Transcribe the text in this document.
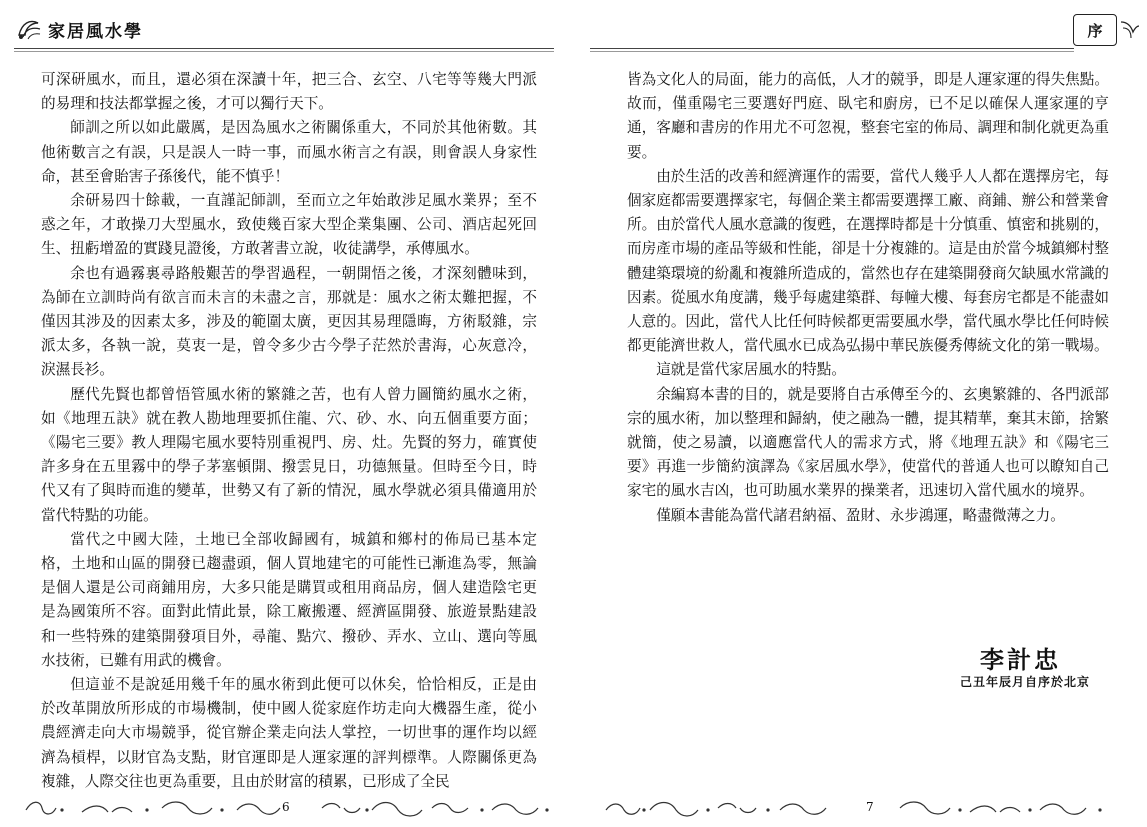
家居風水學	序

可深研風水，而且，還必須在深讀十年，把三合、玄空、八宅等等幾大門派的易理和技法都掌握之後，才可以獨行天下。

師訓之所以如此嚴厲，是因為風水之術關係重大，不同於其他術數。其他術數言之有誤，只是誤人一時一事，而風水術言之有誤，則會誤人身家性命，甚至會貽害子孫後代，能不慎乎！

余研易四十餘載，一直謹記師訓，至而立之年始敢涉足風水業界；至不惑之年，才敢操刀大型風水，致使幾百家大型企業集團、公司、酒店起死回生、扭虧增盈的實踐見證後，方敢著書立說，收徒講學，承傳風水。

余也有過霧裏尋路般艱苦的學習過程，一朝開悟之後，才深刻體味到，為師在立訓時尚有欲言而未言的未盡之言，那就是：風水之術太難把握，不僅因其涉及的因素太多，涉及的範圍太廣，更因其易理隱晦，方術駁雜，宗派太多，各執一說，莫衷一是，曾令多少古今學子茫然於書海，心灰意冷，淚濕長衫。

歷代先賢也都曾悟管風水術的繁雜之苦，也有人曾力圖簡約風水之術，如《地理五訣》就在教人勘地理要抓住龍、穴、砂、水、向五個重要方面；《陽宅三要》教人理陽宅風水要特別重視門、房、灶。先賢的努力，確實使許多身在五里霧中的學子茅塞頓開、撥雲見日，功德無量。但時至今日，時代又有了與時而進的變革，世勢又有了新的情況，風水學就必須具備適用於當代特點的功能。

當代之中國大陸，土地已全部收歸國有，城鎮和鄉村的佈局已基本定格，土地和山區的開發已趨盡頭，個人買地建宅的可能性已漸進為零，無論是個人還是公司商鋪用房，大多只能是購買或租用商品房，個人建造陰宅更是為國策所不容。面對此情此景，除工廠搬遷、經濟區開發、旅遊景點建設和一些特殊的建築開發項目外，尋龍、點穴、撥砂、弄水、立山、選向等風水技術，已難有用武的機會。

但這並不是說延用幾千年的風水術到此便可以休矣，恰恰相反，正是由於改革開放所形成的市場機制，使中國人從家庭作坊走向大機器生產，從小農經濟走向大市場競爭，從官辦企業走向法人掌控，一切世事的運作均以經濟為槓桿，以財官為支點，財官運即是人運家運的評判標準。人際關係更為複雜，人際交往也更為重要，且由於財富的積累，已形成了全民

皆為文化人的局面，能力的高低，人才的競爭，即是人運家運的得失焦點。故而，僅重陽宅三要選好門庭、臥宅和廚房，已不足以確保人運家運的亨通，客廳和書房的作用尤不可忽視，整套宅室的佈局、調理和制化就更為重要。

由於生活的改善和經濟運作的需要，當代人幾乎人人都在選擇房宅，每個家庭都需要選擇家宅，每個企業主都需要選擇工廠、商鋪、辦公和營業會所。由於當代人風水意識的復甦，在選擇時都是十分慎重、慎密和挑剔的，而房產市場的產品等級和性能，卻是十分複雜的。這是由於當今城鎮鄉村整體建築環境的紛亂和複雜所造成的，當然也存在建築開發商欠缺風水常識的因素。從風水角度講，幾乎每處建築群、每幢大樓、每套房宅都是不能盡如人意的。因此，當代人比任何時候都更需要風水學，當代風水學比任何時候都更能濟世救人，當代風水已成為弘揚中華民族優秀傳統文化的第一戰場。

這就是當代家居風水的特點。

余編寫本書的目的，就是要將自古承傳至今的、玄奧繁雜的、各門派部宗的風水術，加以整理和歸納，使之融為一體，提其精華，棄其末節，捨繁就簡，使之易讀，以適應當代人的需求方式，將《地理五訣》和《陽宅三要》再進一步簡約演譯為《家居風水學》，使當代的普通人也可以瞭知自己家宅的風水吉凶，也可助風水業界的操業者，迅速切入當代風水的境界。

僅願本書能為當代諸君納福、盈財、永步鴻運，略盡微薄之力。

李計忠
己丑年辰月自序於北京
6	7
